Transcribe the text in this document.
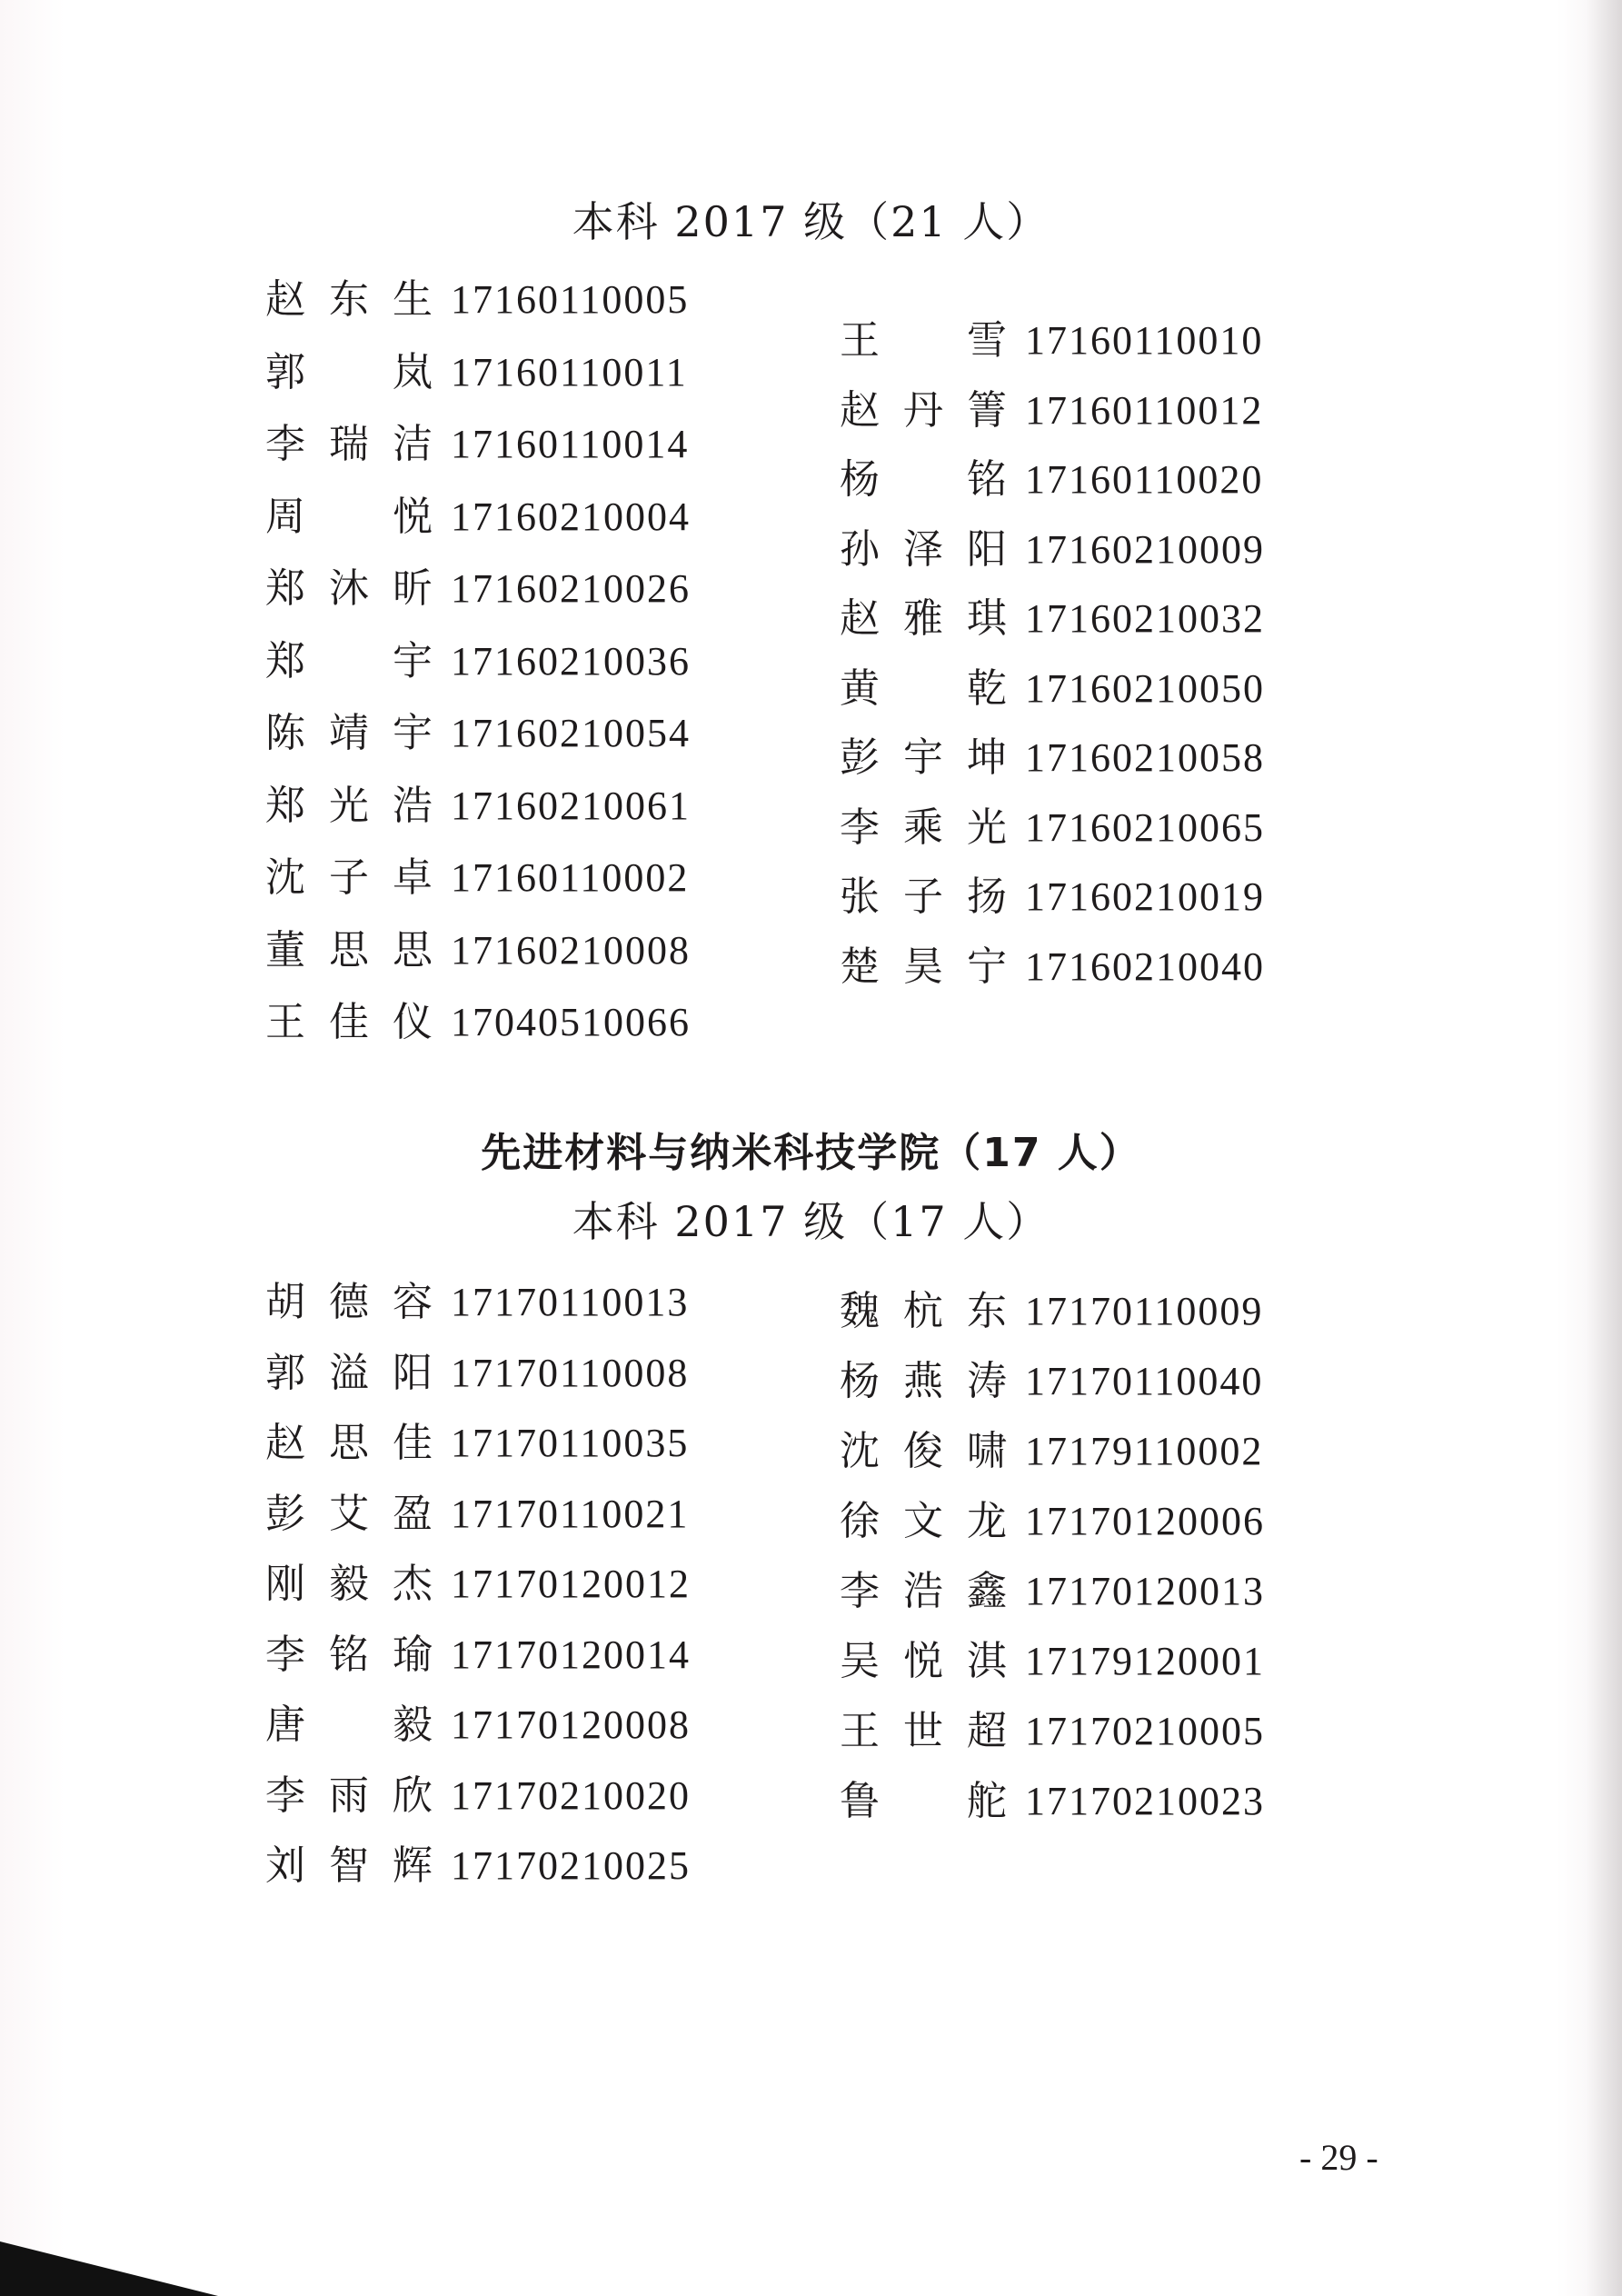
本科 2017 级（21 人）
赵 东 生 17160110005
郭 岚 17160110011
李 瑞 洁 17160110014
周 悦 17160210004
郑 沐 昕 17160210026
郑 宇 17160210036
陈 靖 宇 17160210054
郑 光 浩 17160210061
沈 子 卓 17160110002
董 思 思 17160210008
王 佳 仪 17040510066
王 雪 17160110010
赵 丹 箐 17160110012
杨 铭 17160110020
孙 泽 阳 17160210009
赵 雅 琪 17160210032
黄 乾 17160210050
彭 宇 坤 17160210058
李 乘 光 17160210065
张 子 扬 17160210019
楚 昊 宁 17160210040
先进材料与纳米科技学院（17 人）
本科 2017 级（17 人）
胡 德 容 17170110013
郭 溢 阳 17170110008
赵 思 佳 17170110035
彭 艾 盈 17170110021
刚 毅 杰 17170120012
李 铭 瑜 17170120014
唐 毅 17170120008
李 雨 欣 17170210020
刘 智 辉 17170210025
魏 杭 东 17170110009
杨 燕 涛 17170110040
沈 俊 啸 17179110002
徐 文 龙 17170120006
李 浩 鑫 17170120013
吴 悦 淇 17179120001
王 世 超 17170210005
鲁 舵 17170210023
- 29 -
